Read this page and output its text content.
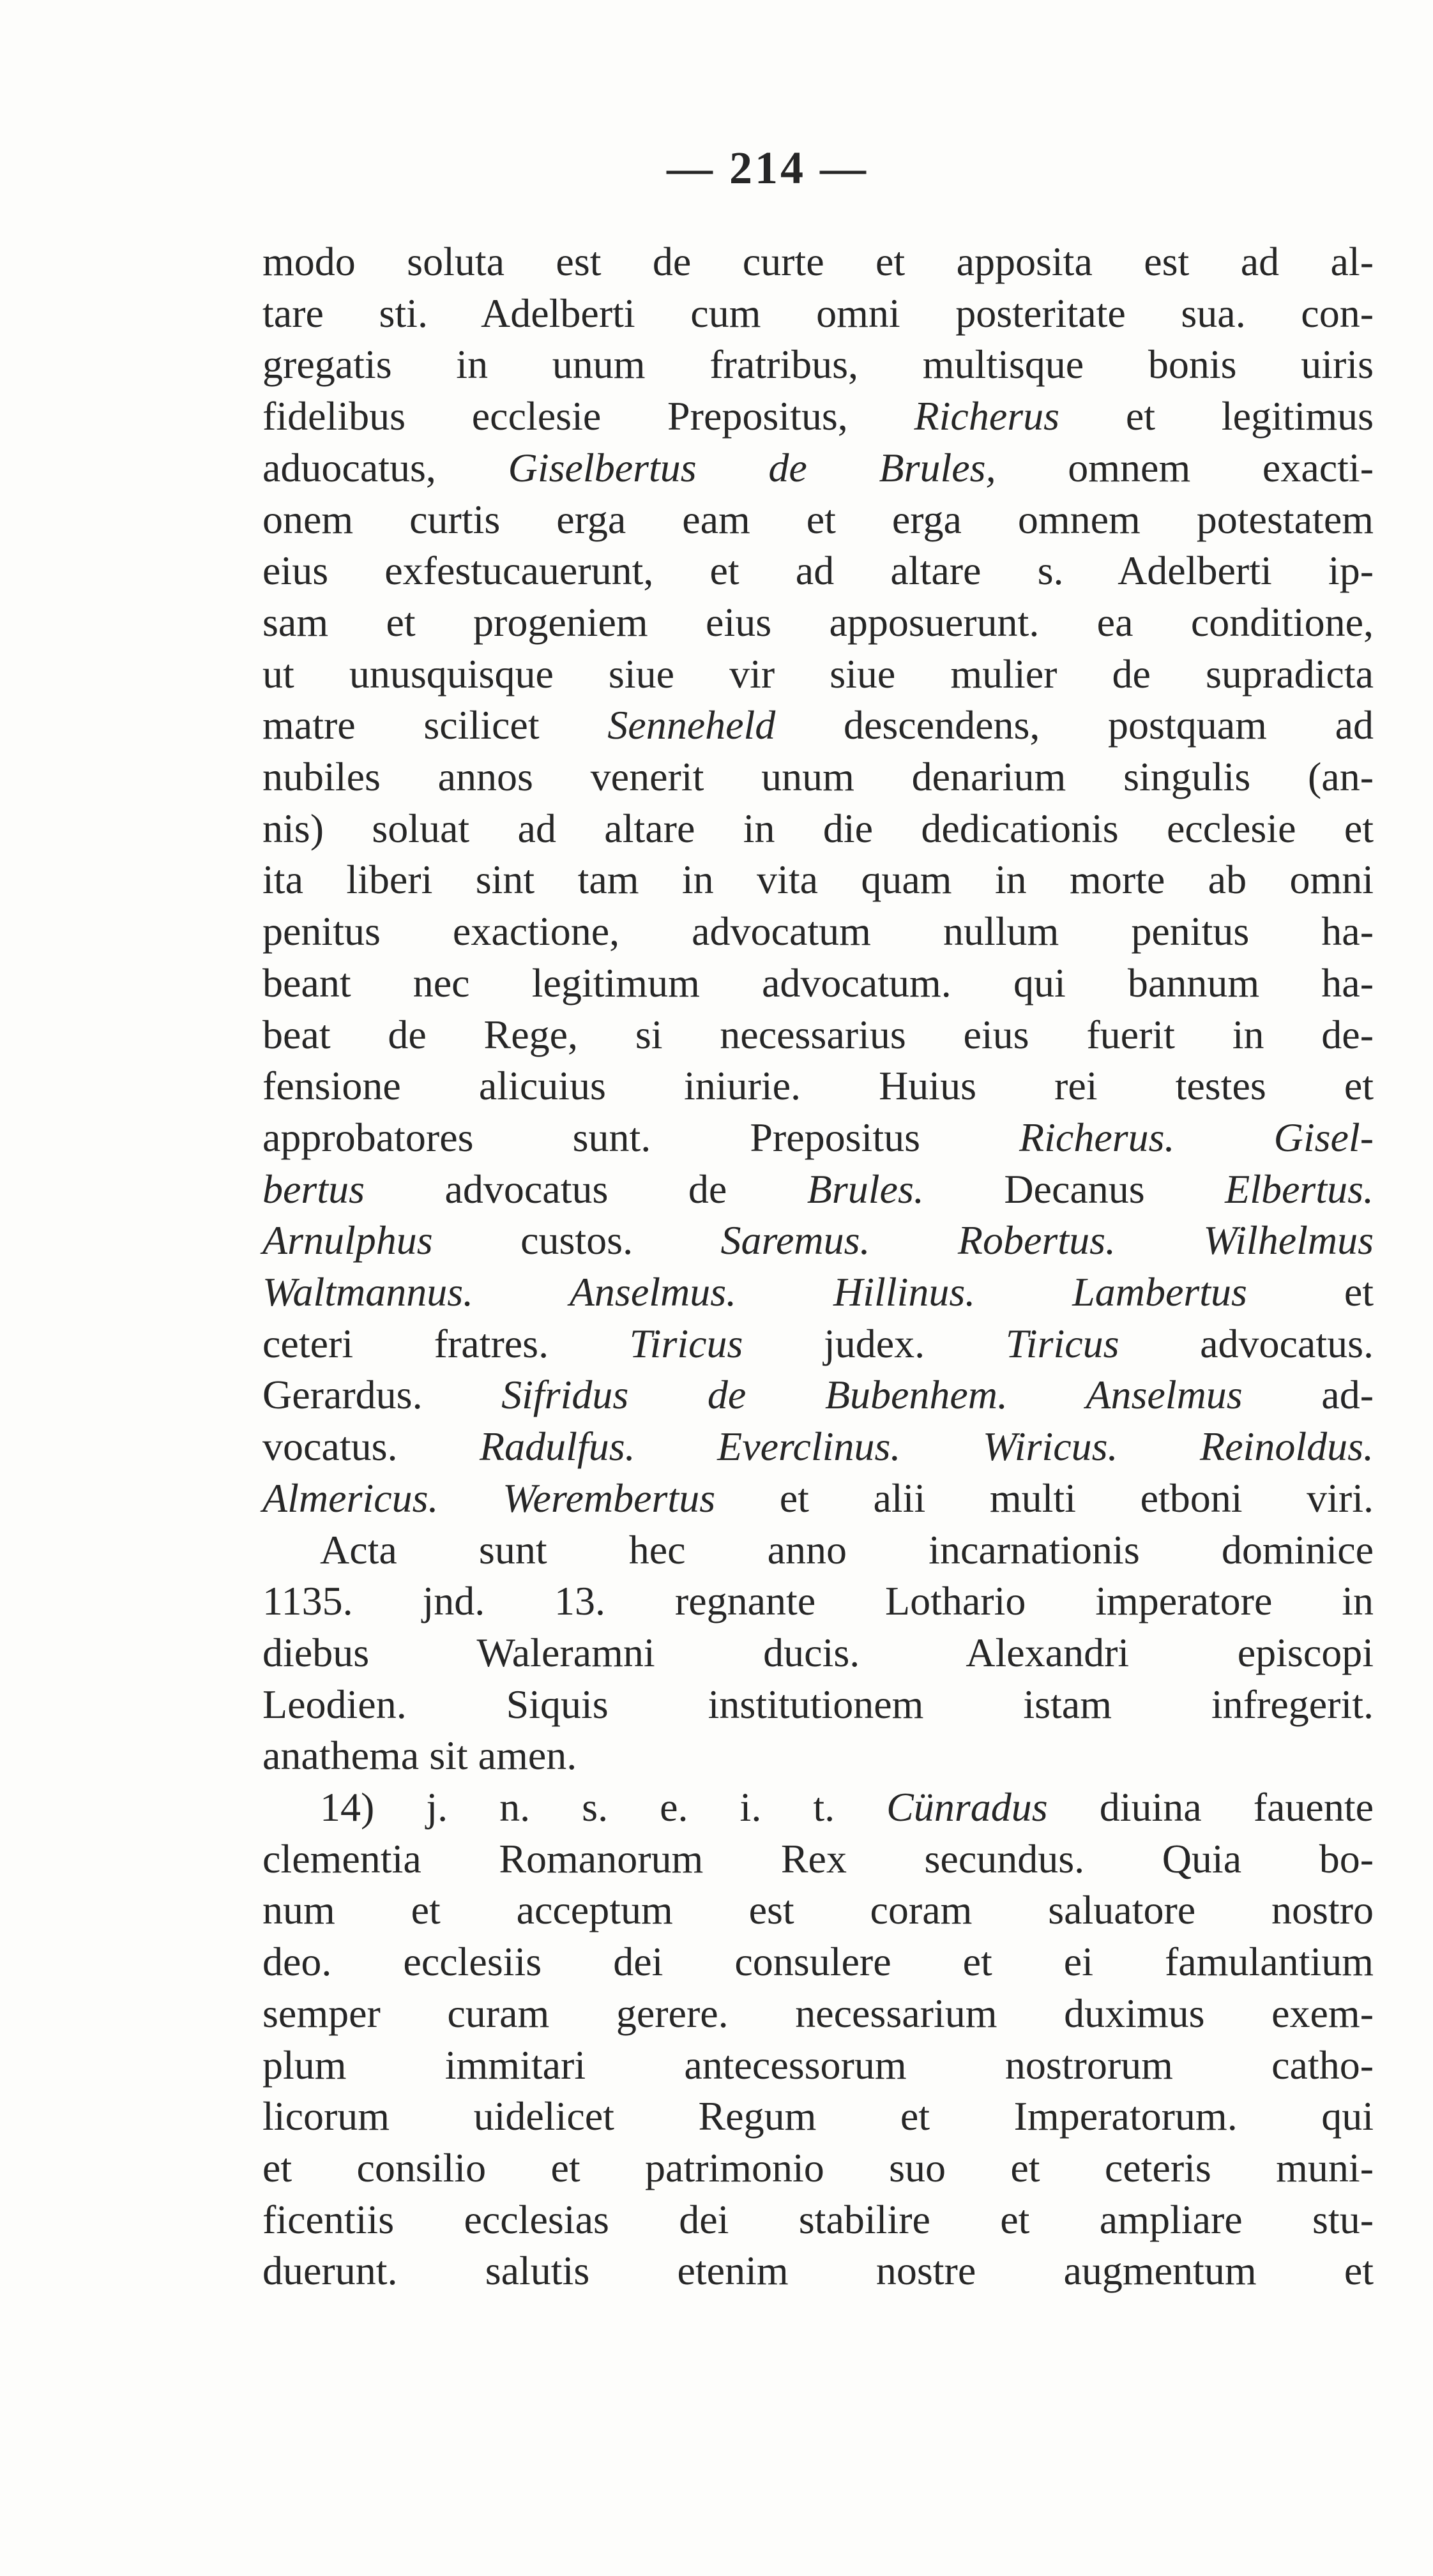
— 214 —
modo soluta est de curte et apposita est ad al-
tare sti. Adelberti cum omni posteritate sua. con-
gregatis in unum fratribus, multisque bonis uiris
fidelibus ecclesie Prepositus, Richerus et legitimus
aduocatus, Giselbertus de Brules, omnem exacti-
onem curtis erga eam et erga omnem potestatem
eius exfestucauerunt, et ad altare s. Adelberti ip-
sam et progeniem eius apposuerunt. ea conditione,
ut unusquisque siue vir siue mulier de supradicta
matre scilicet Senneheld descendens, postquam ad
nubiles annos venerit unum denarium singulis (an-
nis) soluat ad altare in die dedicationis ecclesie et
ita liberi sint tam in vita quam in morte ab omni
penitus exactione, advocatum nullum penitus ha-
beant nec legitimum advocatum. qui bannum ha-
beat de Rege, si necessarius eius fuerit in de-
fensione alicuius iniurie. Huius rei testes et
approbatores sunt. Prepositus Richerus. Gisel-
bertus advocatus de Brules. Decanus Elbertus.
Arnulphus custos. Saremus. Robertus. Wilhelmus
Waltmannus. Anselmus. Hillinus. Lambertus et
ceteri fratres. Tiricus judex. Tiricus advocatus.
Gerardus. Sifridus de Bubenhem. Anselmus ad-
vocatus. Radulfus. Everclinus. Wiricus. Reinoldus.
Almericus. Werembertus et alii multi etboni viri.
Acta sunt hec anno incarnationis dominice
1135. jnd. 13. regnante Lothario imperatore in
diebus Waleramni ducis. Alexandri episcopi
Leodien. Siquis institutionem istam infregerit.
anathema sit amen.
14) j. n. s. e. i. t. Cünradus diuina fauente
clementia Romanorum Rex secundus. Quia bo-
num et acceptum est coram saluatore nostro
deo. ecclesiis dei consulere et ei famulantium
semper curam gerere. necessarium duximus exem-
plum immitari antecessorum nostrorum catho-
licorum uidelicet Regum et Imperatorum. qui
et consilio et patrimonio suo et ceteris muni-
ficentiis ecclesias dei stabilire et ampliare stu-
duerunt. salutis etenim nostre augmentum et
